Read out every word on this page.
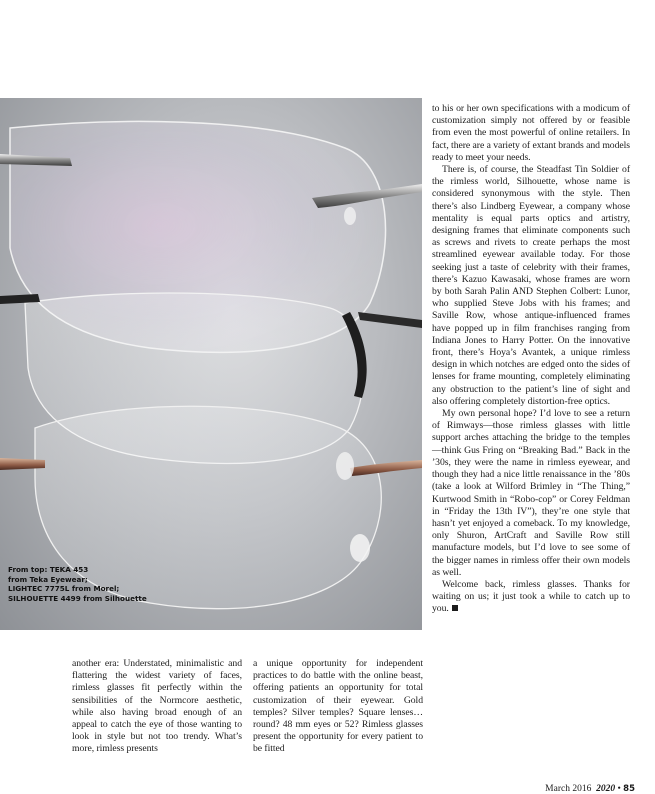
From top: TEKA 453
from Teka Eyewear;
LIGHTEC 7775L from Morel;
SILHOUETTE 4499 from Silhouette

to his or her own specifications with a modicum of customization simply not offered by or feasible from even the most powerful of online retailers. In fact, there are a variety of extant brands and models ready to meet your needs.

There is, of course, the Steadfast Tin Soldier of the rimless world, Silhouette, whose name is considered synonymous with the style. Then there’s also Lindberg Eyewear, a company whose mentality is equal parts optics and artistry, designing frames that eliminate components such as screws and rivets to create perhaps the most streamlined eyewear available today. For those seeking just a taste of celebrity with their frames, there’s Kazuo Kawasaki, whose frames are worn by both Sarah Palin AND Stephen Colbert: Lunor, who supplied Steve Jobs with his frames; and Saville Row, whose antique-influenced frames have popped up in film franchises ranging from Indiana Jones to Harry Potter. On the innovative front, there’s Hoya’s Avantek, a unique rimless design in which notches are edged onto the sides of lenses for frame mounting, completely eliminating any obstruction to the patient’s line of sight and also offering completely distortion-free optics.

My own personal hope? I’d love to see a return of Rimways—those rimless glasses with little support arches attaching the bridge to the temples—think Gus Fring on “Breaking Bad.” Back in the ’30s, they were the name in rimless eyewear, and though they had a nice little renaissance in the ’80s (take a look at Wilford Brimley in “The Thing,” Kurtwood Smith in “Robo-cop” or Corey Feldman in “Friday the 13th IV”), they’re one style that hasn’t yet enjoyed a comeback. To my knowledge, only Shuron, ArtCraft and Saville Row still manufacture models, but I’d love to see some of the bigger names in rimless offer their own models as well.

Welcome back, rimless glasses. Thanks for waiting on us; it just took a while to catch up to you.

another era: Understated, minimalistic and flattering the widest variety of faces, rimless glasses fit perfectly within the sensibilities of the Normcore aesthetic, while also having broad enough of an appeal to catch the eye of those wanting to look in style but not too trendy. What’s more, rimless presents

a unique opportunity for independent practices to do battle with the online beast, offering patients an opportunity for total customization of their eyewear. Gold temples? Silver temples? Square lenses… round? 48 mm eyes or 52? Rimless glasses present the opportunity for every patient to be fitted

March 2016 2020 • 85
